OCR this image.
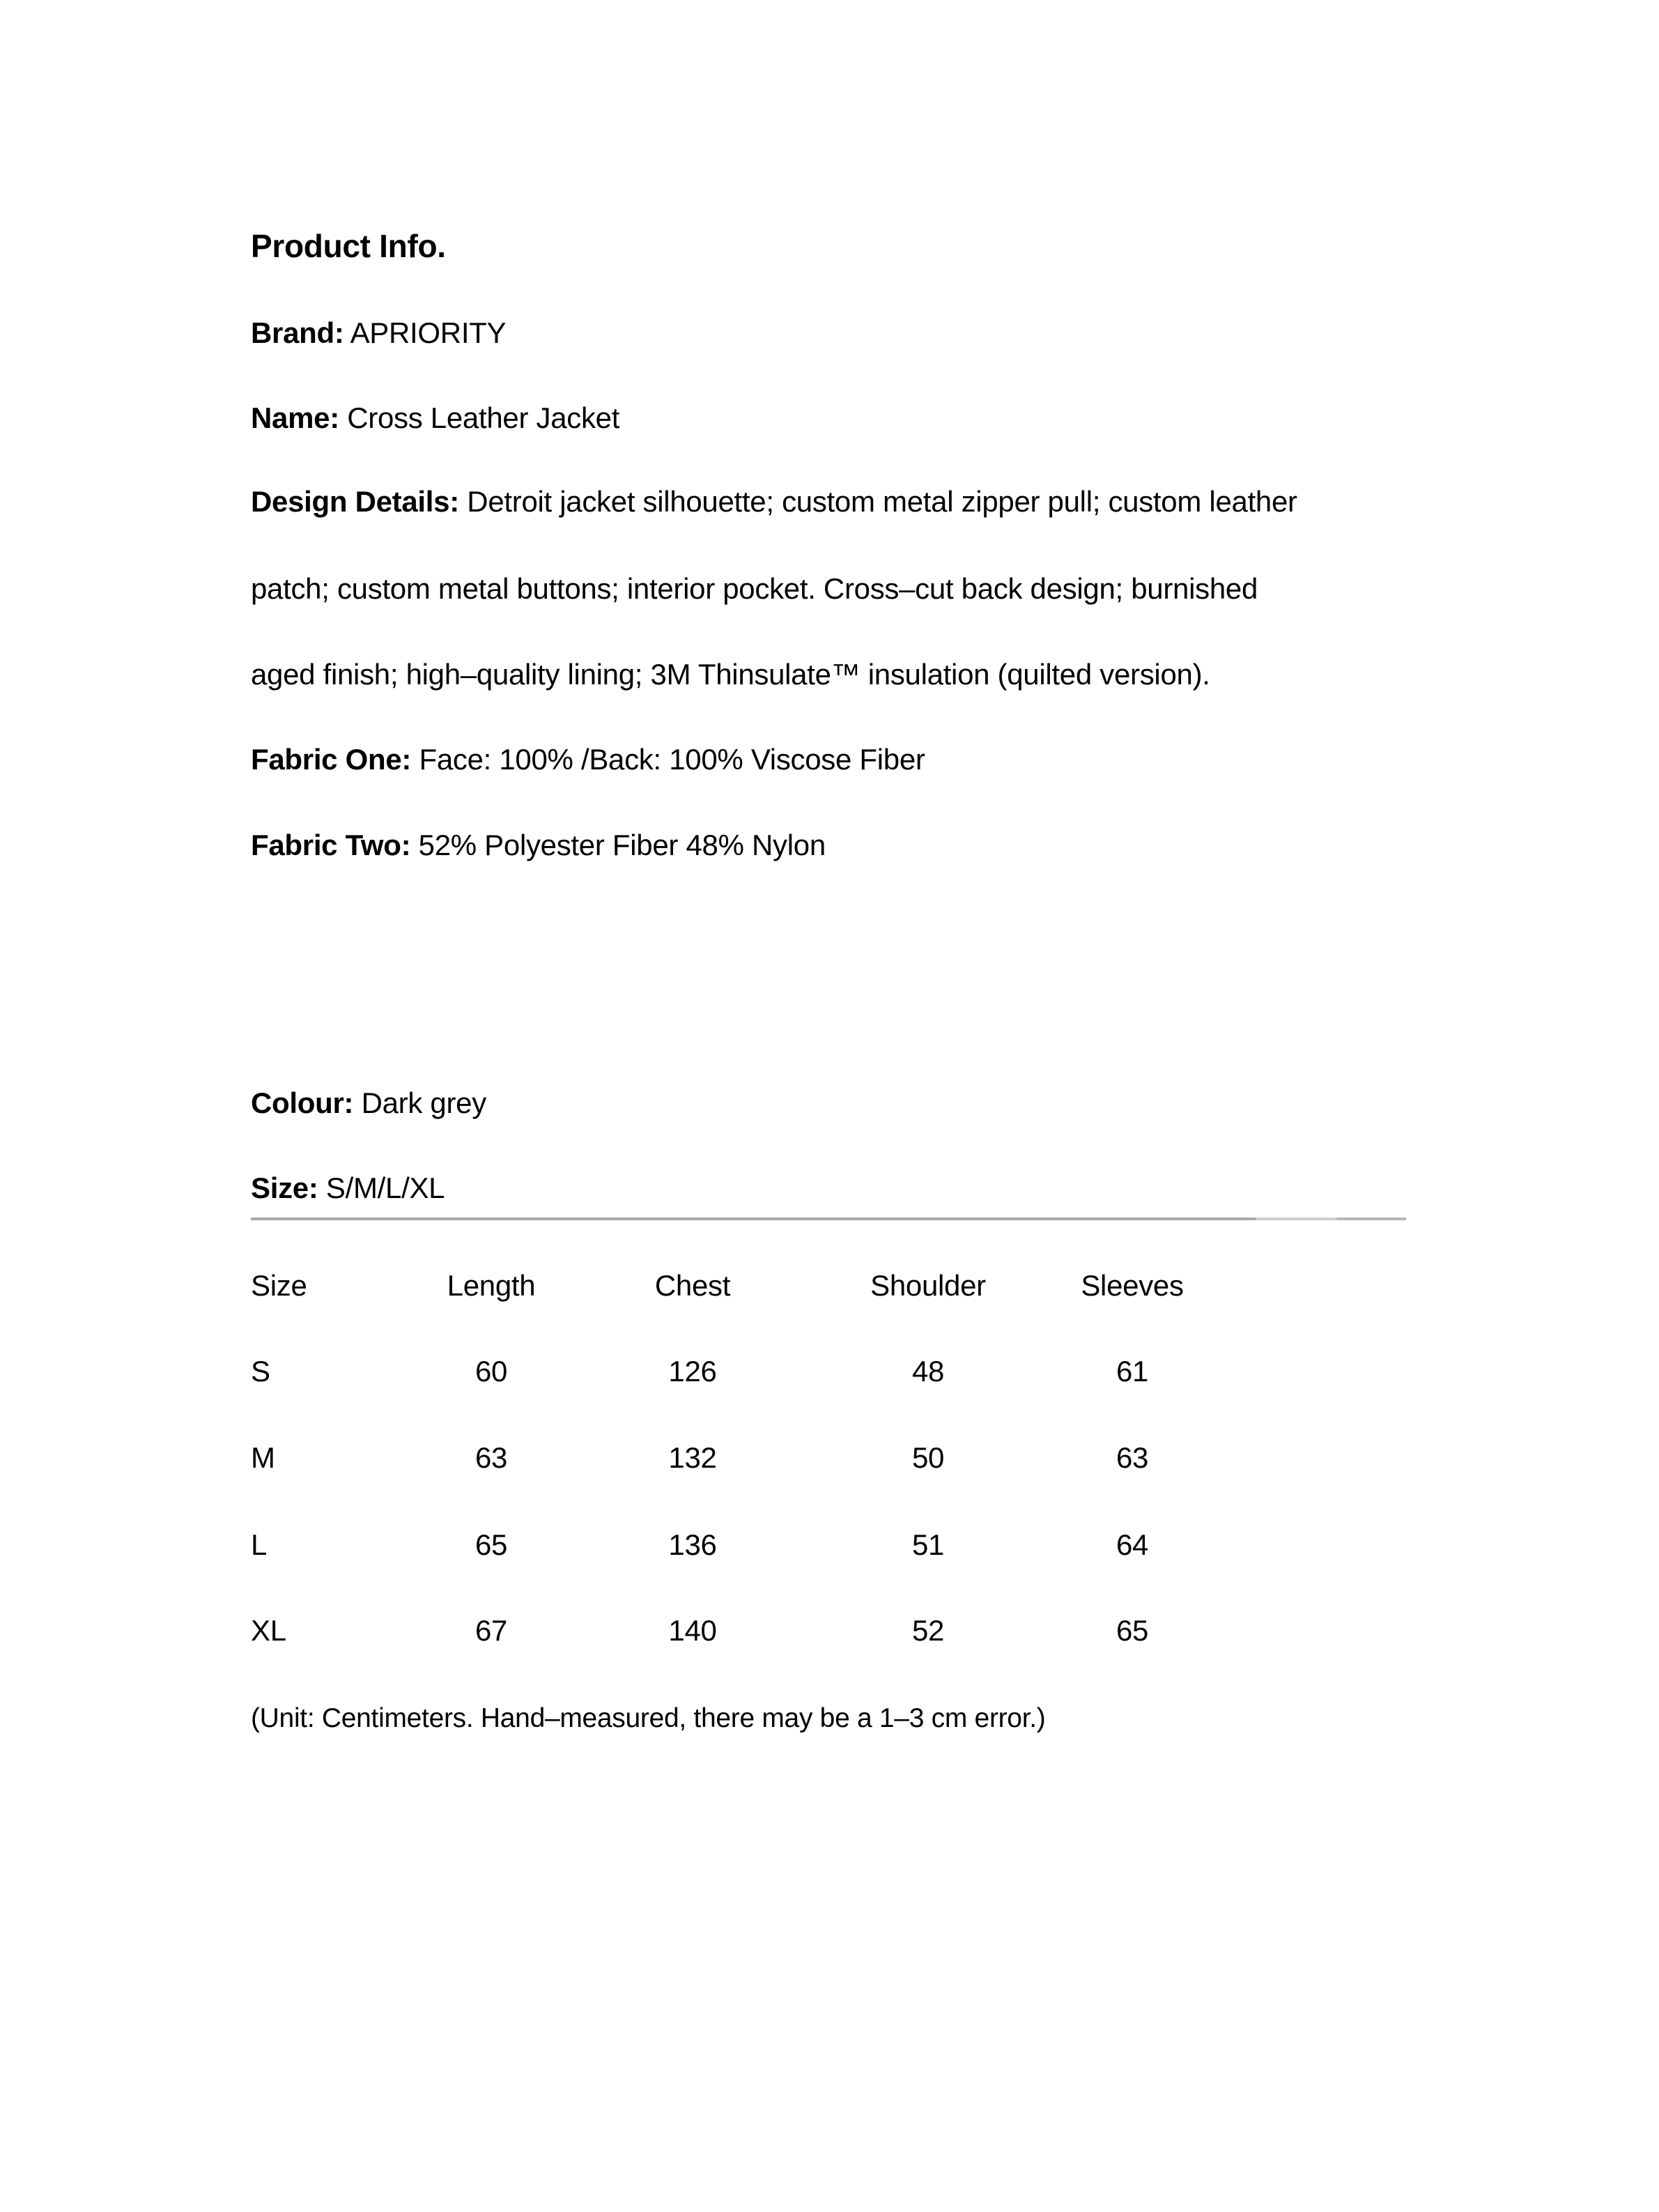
Product Info.
Brand: APRIORITY
Name: Cross Leather Jacket
Design Details: Detroit jacket silhouette; custom metal zipper pull; custom leather
patch; custom metal buttons; interior pocket. Cross–cut back design; burnished
aged finish; high–quality lining; 3M Thinsulate™ insulation (quilted version).
Fabric One: Face: 100% /Back: 100% Viscose Fiber
Fabric Two: 52% Polyester Fiber 48% Nylon
Colour: Dark grey
Size: S/M/L/XL
Size	Length	Chest	Shoulder	Sleeves
S	60	126	48	61
M	63	132	50	63
L	65	136	51	64
XL	67	140	52	65
(Unit: Centimeters. Hand–measured, there may be a 1–3 cm error.)
